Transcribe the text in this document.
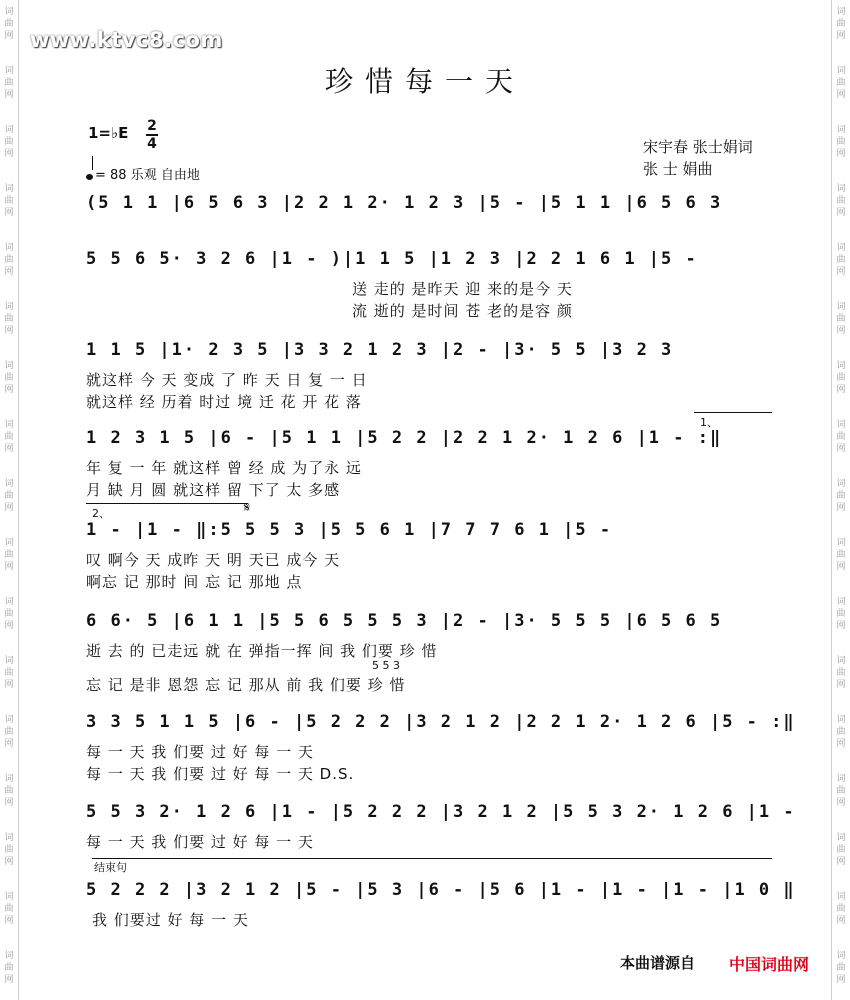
www.ktvc8.com
珍惜每一天
1=♭E 2
4
= 88 乐观 自由地
宋宇春 张士娟词
张 士 娟曲
(5 1 1 |6 5 6 3 |2 2 1 2· 1 2 3 |5 - |5 1 1 |6 5 6 3
5 5 6 5· 3 2 6 |1 - )|1 1 5 |1 2 3 |2 2 1 6 1 |5 -
送 走的 是昨天 迎 来的是今 天
流 逝的 是时间 苍 老的是容 颜
1 1 5 |1· 2 3 5 |3 3 2 1 2 3 |2 - |3· 5 5 |3 2 3
就这样 今 天 变成 了 昨 天 日 复 一 日
就这样 经 历着 时过 境 迁 花 开 花 落
1、
1 2 3 1 5 |6 - |5 1 1 |5 2 2 |2 2 1 2· 1 2 6 |1 - :‖
年 复 一 年 就这样 曾 经 成 为了永 远
月 缺 月 圆 就这样 留 下了 太 多感
2、	𝄋
1 - |1 - ‖:5 5 5 3 |5 5 6 1 |7 7 7 6 1 |5 -
叹 啊今 天 成昨 天 明 天已 成今 天
啊忘 记 那时 间 忘 记 那地 点
6 6· 5 |6 1 1 |5 5 6 5 5 5 3 |2 - |3· 5 5 5 |6 5 6 5
逝 去 的 已走远 就 在 弹指一挥 间 我 们要 珍 惜
5 5 3
忘 记 是非 恩怨 忘 记 那从 前 我 们要 珍 惜
3 3 5 1 1 5 |6 - |5 2 2 2 |3 2 1 2 |2 2 1 2· 1 2 6 |5 - :‖
每 一 天 我 们要 过 好 每 一 天
每 一 天 我 们要 过 好 每 一 天 D.S.
5 5 3 2· 1 2 6 |1 - |5 2 2 2 |3 2 1 2 |5 5 3 2· 1 2 6 |1 -
每 一 天 我 们要 过 好 每 一 天
结束句
5 2 2 2 |3 2 1 2 |5 - |5 3 |6 - |5 6 |1 - |1 - |1 - |1 0 ‖
我 们要过 好 每 一 天
本曲谱源自 中国词曲网
词
曲
网
词
曲
网
词
曲
网
词
曲
网
词
曲
网
词
曲
网
词
曲
网
词
曲
网
词
曲
网
词
曲
网
词
曲
网
词
曲
网
词
曲
网
词
曲
网
词
曲
网
词
曲
网
词
曲
网
词
曲
网
词
曲
网
词
曲
网
词
曲
网
词
曲
网
词
曲
网
词
曲
网
词
曲
网
词
曲
网
词
曲
网
词
曲
网
词
曲
网
词
曲
网
词
曲
网
词
曲
网
词
曲
网
词
曲
网
